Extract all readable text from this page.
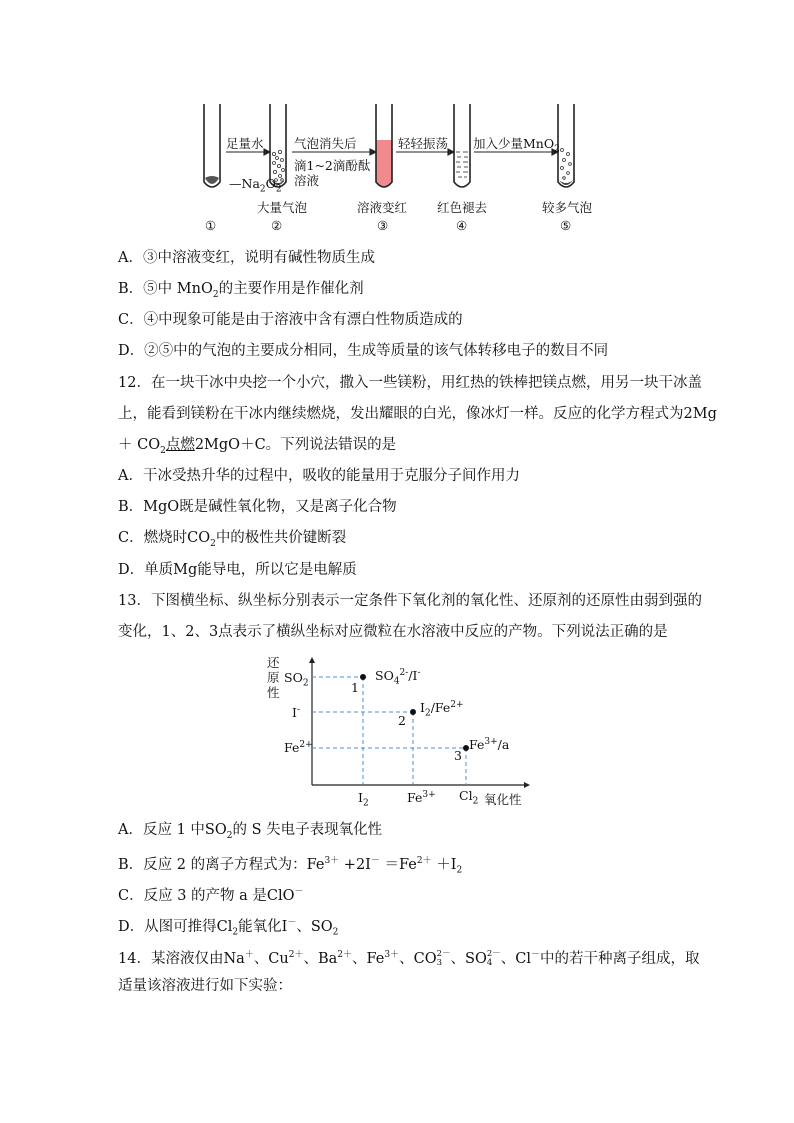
足量水 气泡消失后
滴1~2滴酚酞
溶液
轻轻振荡 加入少量MnO$_2$
$—Na_2O_2$
大量气泡	溶液变红 红色褪去	较多气泡
①	②	③	④	⑤
A．③中溶液变红，说明有碱性物质生成
B．⑤中 MnO$_2$的主要作用是作催化剂
C．④中现象可能是由于溶液中含有漂白性物质造成的
D．②⑤中的气泡的主要成分相同，生成等质量的该气体转移电子的数目不同
12．在一块干冰中央挖一个小穴，撒入一些镁粉，用红热的铁棒把镁点燃，用另一块干冰盖
上，能看到镁粉在干冰内继续燃烧，发出耀眼的白光，像冰灯一样。反应的化学方程式为2Mg
＋ $CO_2$点燃2MgO＋C。下列说法错误的是
A．干冰受热升华的过程中，吸收的能量用于克服分子间作用力
B．MgO既是碱性氧化物，又是离子化合物
C．燃烧时$CO_2$中的极性共价键断裂
D．单质Mg能导电，所以它是电解质
13．下图横坐标、纵坐标分别表示一定条件下氧化剂的氧化性、还原剂的还原性由弱到强的
变化，1、2、3点表示了横纵坐标对应微粒在水溶液中反应的产物。下列说法正确的是
还
原
性
$SO_2$
I-
$Fe^{2+}$
$I_2$	$Fe^{3+}$ $Cl_2$ 氧化性
1
2
3
$SO_4^{2-}/I^-$
$I_2/Fe^{2+}$
$Fe^{3+}/a$
A．反应 1 中$SO_2$的 S 失电子表现氧化性
B．反应 2 的离子方程式为：$Fe^{3+} +2I^- =Fe^{2+} +I_2$
C．反应 3 的产物 a 是ClO－
D．从图可推得$Cl_2$能氧化I－、$SO_2$
14．某溶液仅由Na＋、$Cu^{2+}$、$Ba^{2+}$、$Fe^{3+}$、CO 2－
3 、SO 2－
4 、Cl－中的若干种离子组成，取
适量该溶液进行如下实验：
